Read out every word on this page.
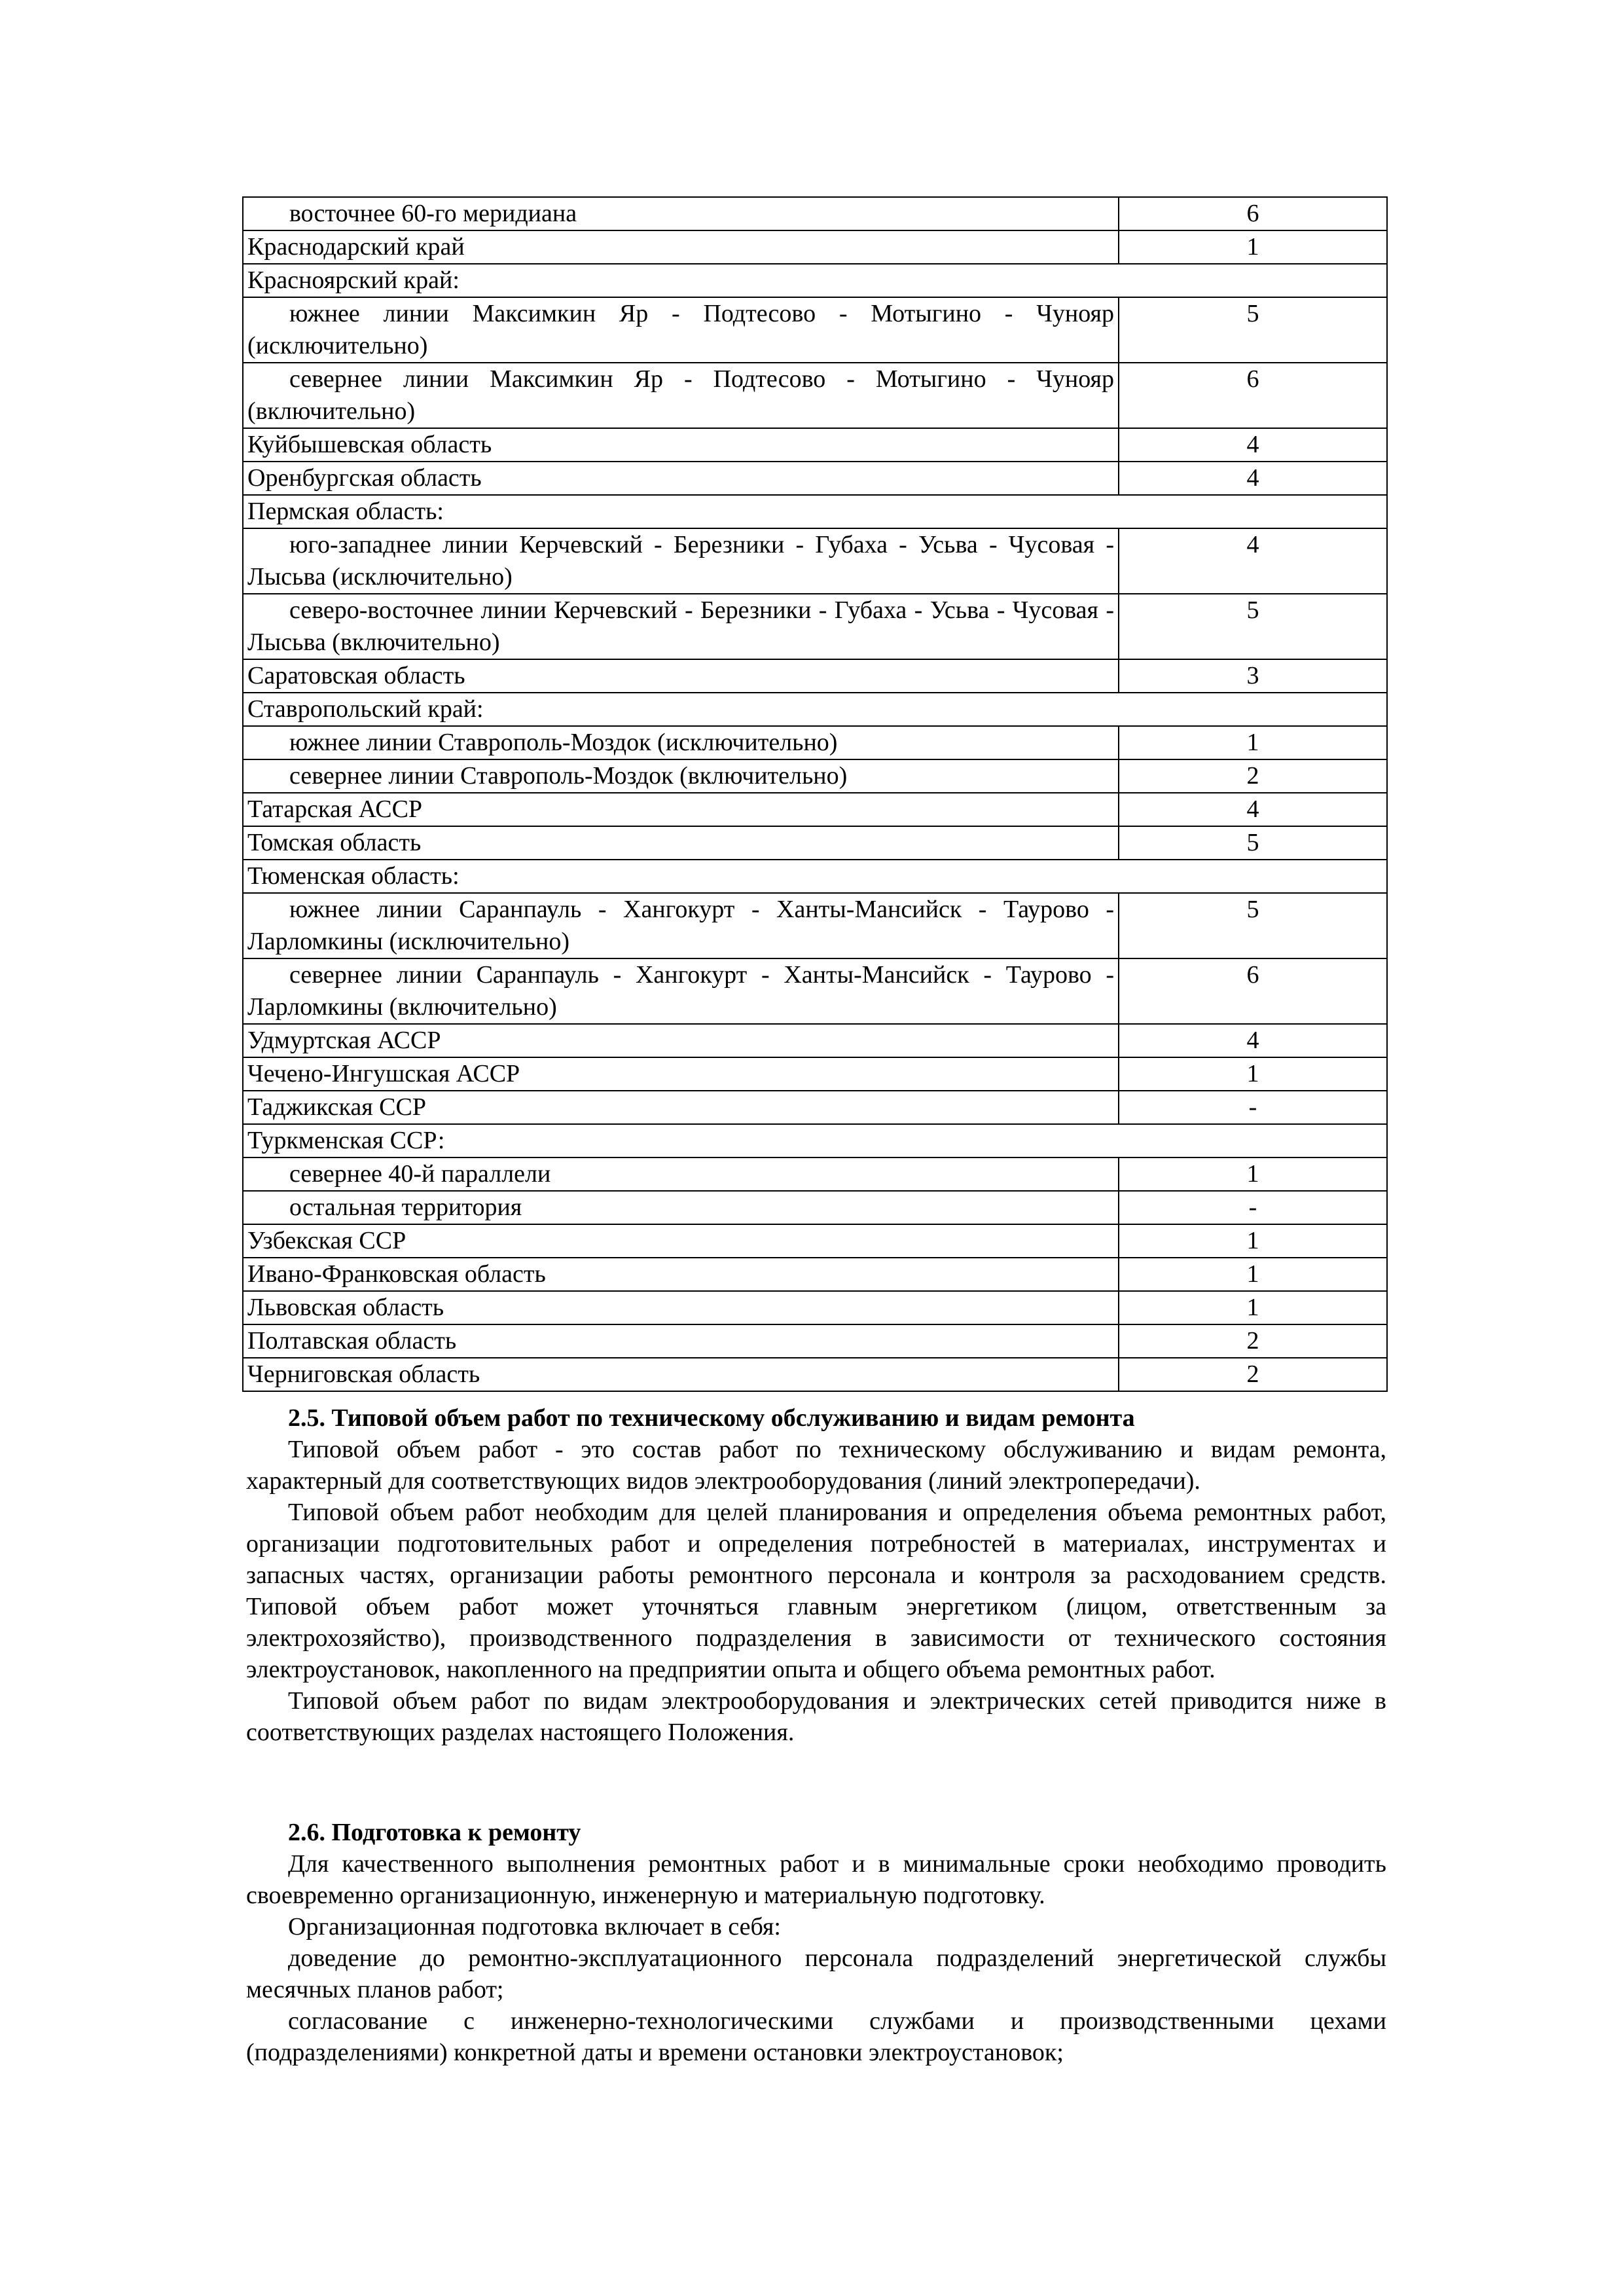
восточнее 60-го меридиана	6
Краснодарский край	1
Красноярский край:	
южнее линии Максимкин Яр - Подтесово - Мотыгино - Чунояр (исключительно)	5
севернее линии Максимкин Яр - Подтесово - Мотыгино - Чунояр (включительно)	6
Куйбышевская область	4
Оренбургская область	4
Пермская область:	
юго-западнее линии Керчевский - Березники - Губаха - Усьва - Чусовая - Лысьва (исключительно)	4
северо-восточнее линии Керчевский - Березники - Губаха - Усьва - Чусовая - Лысьва (включительно)	5
Саратовская область	3
Ставропольский край:	
южнее линии Ставрополь-Моздок (исключительно)	1
севернее линии Ставрополь-Моздок (включительно)	2
Татарская АССР	4
Томская область	5
Тюменская область:	
южнее линии Саранпауль - Хангокурт - Ханты-Мансийск - Таурово - Ларломкины (исключительно)	5
севернее линии Саранпауль - Хангокурт - Ханты-Мансийск - Таурово - Ларломкины (включительно)	6
Удмуртская АССР	4
Чечено-Ингушская АССР	1
Таджикская ССР	-
Туркменская ССР:	
севернее 40-й параллели	1
остальная территория	-
Узбекская ССР	1
Ивано-Франковская область	1
Львовская область	1
Полтавская область	2
Черниговская область	2
2.5. Типовой объем работ по техническому обслуживанию и видам ремонта

Типовой объем работ - это состав работ по техническому обслуживанию и видам ремонта, характерный для соответствующих видов электрооборудования (линий электропередачи).

Типовой объем работ необходим для целей планирования и определения объема ремонтных работ, организации подготовительных работ и определения потребностей в материалах, инструментах и запасных частях, организации работы ремонтного персонала и контроля за расходованием средств. Типовой объем работ может уточняться главным энергетиком (лицом, ответственным за электрохозяйство), производственного подразделения в зависимости от технического состояния электроустановок, накопленного на предприятии опыта и общего объема ремонтных работ.

Типовой объем работ по видам электрооборудования и электрических сетей приводится ниже в соответствующих разделах настоящего Положения.

2.6. Подготовка к ремонту

Для качественного выполнения ремонтных работ и в минимальные сроки необходимо проводить своевременно организационную, инженерную и материальную подготовку.

Организационная подготовка включает в себя:

доведение до ремонтно-эксплуатационного персонала подразделений энергетической службы месячных планов работ;

согласование с инженерно-технологическими службами и производственными цехами (подразделениями) конкретной даты и времени остановки электроустановок;
